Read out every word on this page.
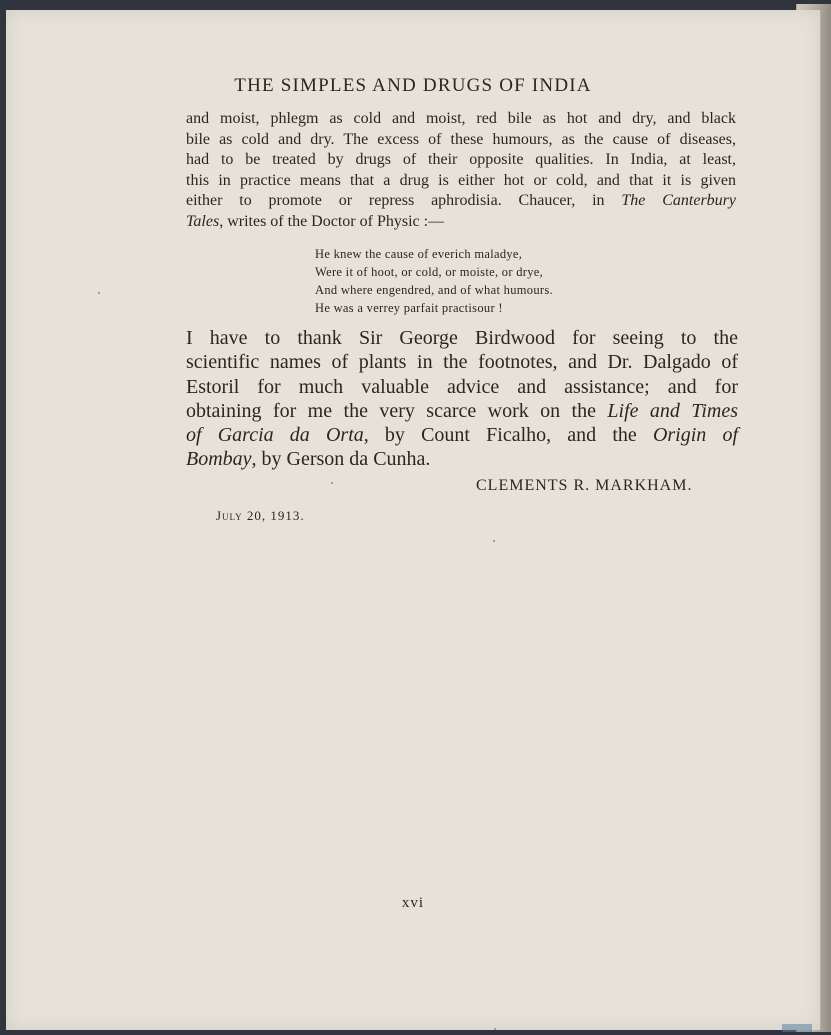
THE SIMPLES AND DRUGS OF INDIA

and moist, phlegm as cold and moist, red bile as hot and dry, and black
bile as cold and dry. The excess of these humours, as the cause of diseases,
had to be treated by drugs of their opposite qualities. In India, at least,
this in practice means that a drug is either hot or cold, and that it is given
either to promote or repress aphrodisia. Chaucer, in The Canterbury
Tales, writes of the Doctor of Physic :—

He knew the cause of everich maladye,
Were it of hoot, or cold, or moiste, or drye,
And where engendred, and of what humours.
He was a verrey parfait practisour !

I have to thank Sir George Birdwood for seeing to the
scientific names of plants in the footnotes, and Dr. Dalgado of
Estoril for much valuable advice and assistance; and for
obtaining for me the very scarce work on the Life and Times
of Garcia da Orta, by Count Ficalho, and the Origin of
Bombay, by Gerson da Cunha.

CLEMENTS R. MARKHAM.
July 20, 1913.
xvi
